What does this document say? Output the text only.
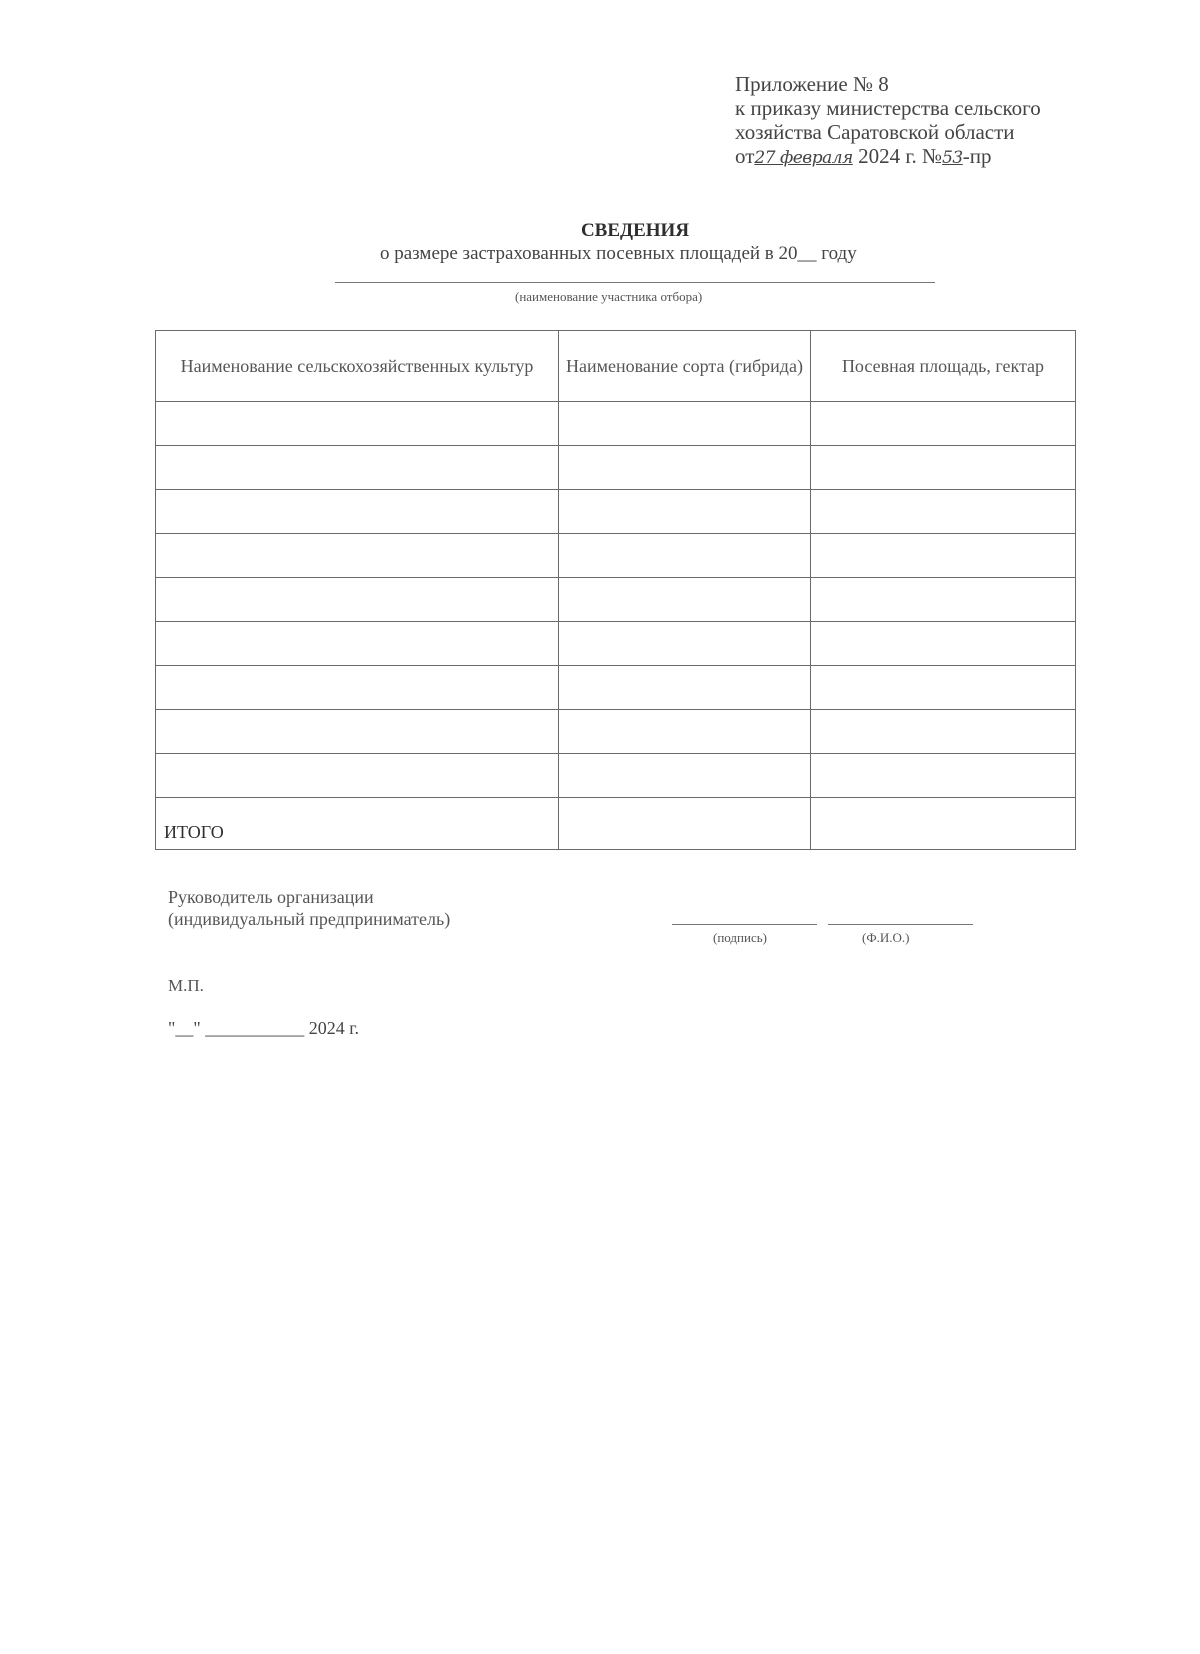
Приложение № 8
к приказу министерства сельского
хозяйства Саратовской области
от27 февраля 2024 г. №53-пр
СВЕДЕНИЯ
о размере застрахованных посевных площадей в 20__ году
(наименование участника отбора)
Наименование сельскохозяйственных культур	Наименование сорта (гибрида)	Посевная площадь, гектар

ИТОГО		
Руководитель организации
(индивидуальный предприниматель)
(подпись)	(Ф.И.О.)
М.П.
"__" ___________ 2024 г.
